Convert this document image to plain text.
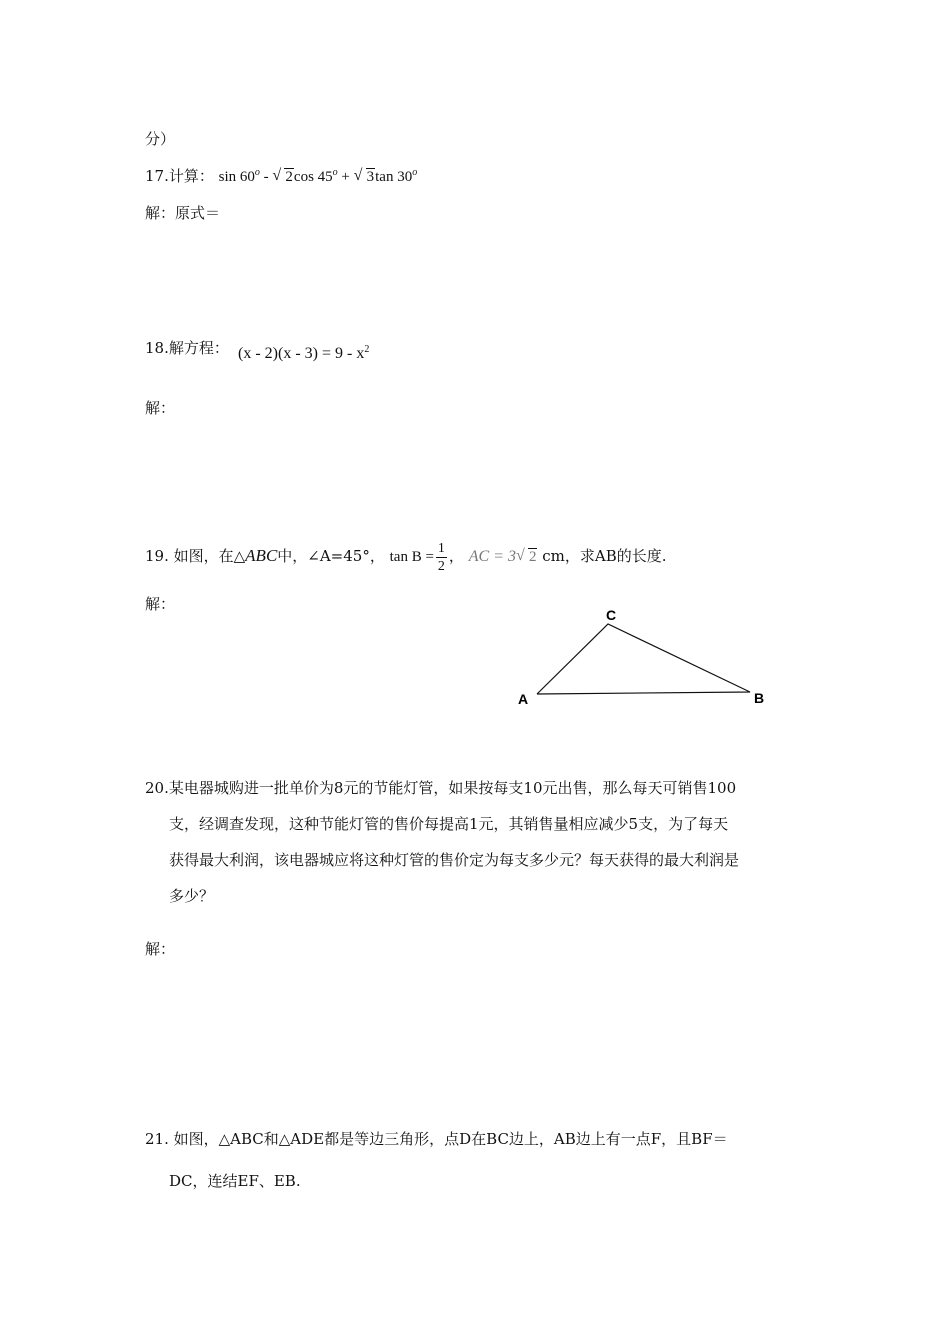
分）
17.计算： sin 60$^o$ - √ 2cos $45^o$ + √ 3tan 30$^o$
解：原式＝
18.解方程： $(x - 2)(x - 3) = 9 - x^2$
解：
19. 如图，在△ABC中，∠A=45°， $\tan B = \frac{1}{2}$ ， AC = 3 √ 2 cm，求AB的长度.
解：
C
A	B
20.某电器城购进一批单价为8元的节能灯管，如果按每支10元出售，那么每天可销售100
支，经调查发现，这种节能灯管的售价每提高1元，其销售量相应减少5支，为了每天
获得最大利润，该电器城应将这种灯管的售价定为每支多少元？每天获得的最大利润是
多少？
解：
21. 如图，△ABC和△ADE都是等边三角形，点D在BC边上，AB边上有一点F，且BF＝
DC，连结EF、EB.
